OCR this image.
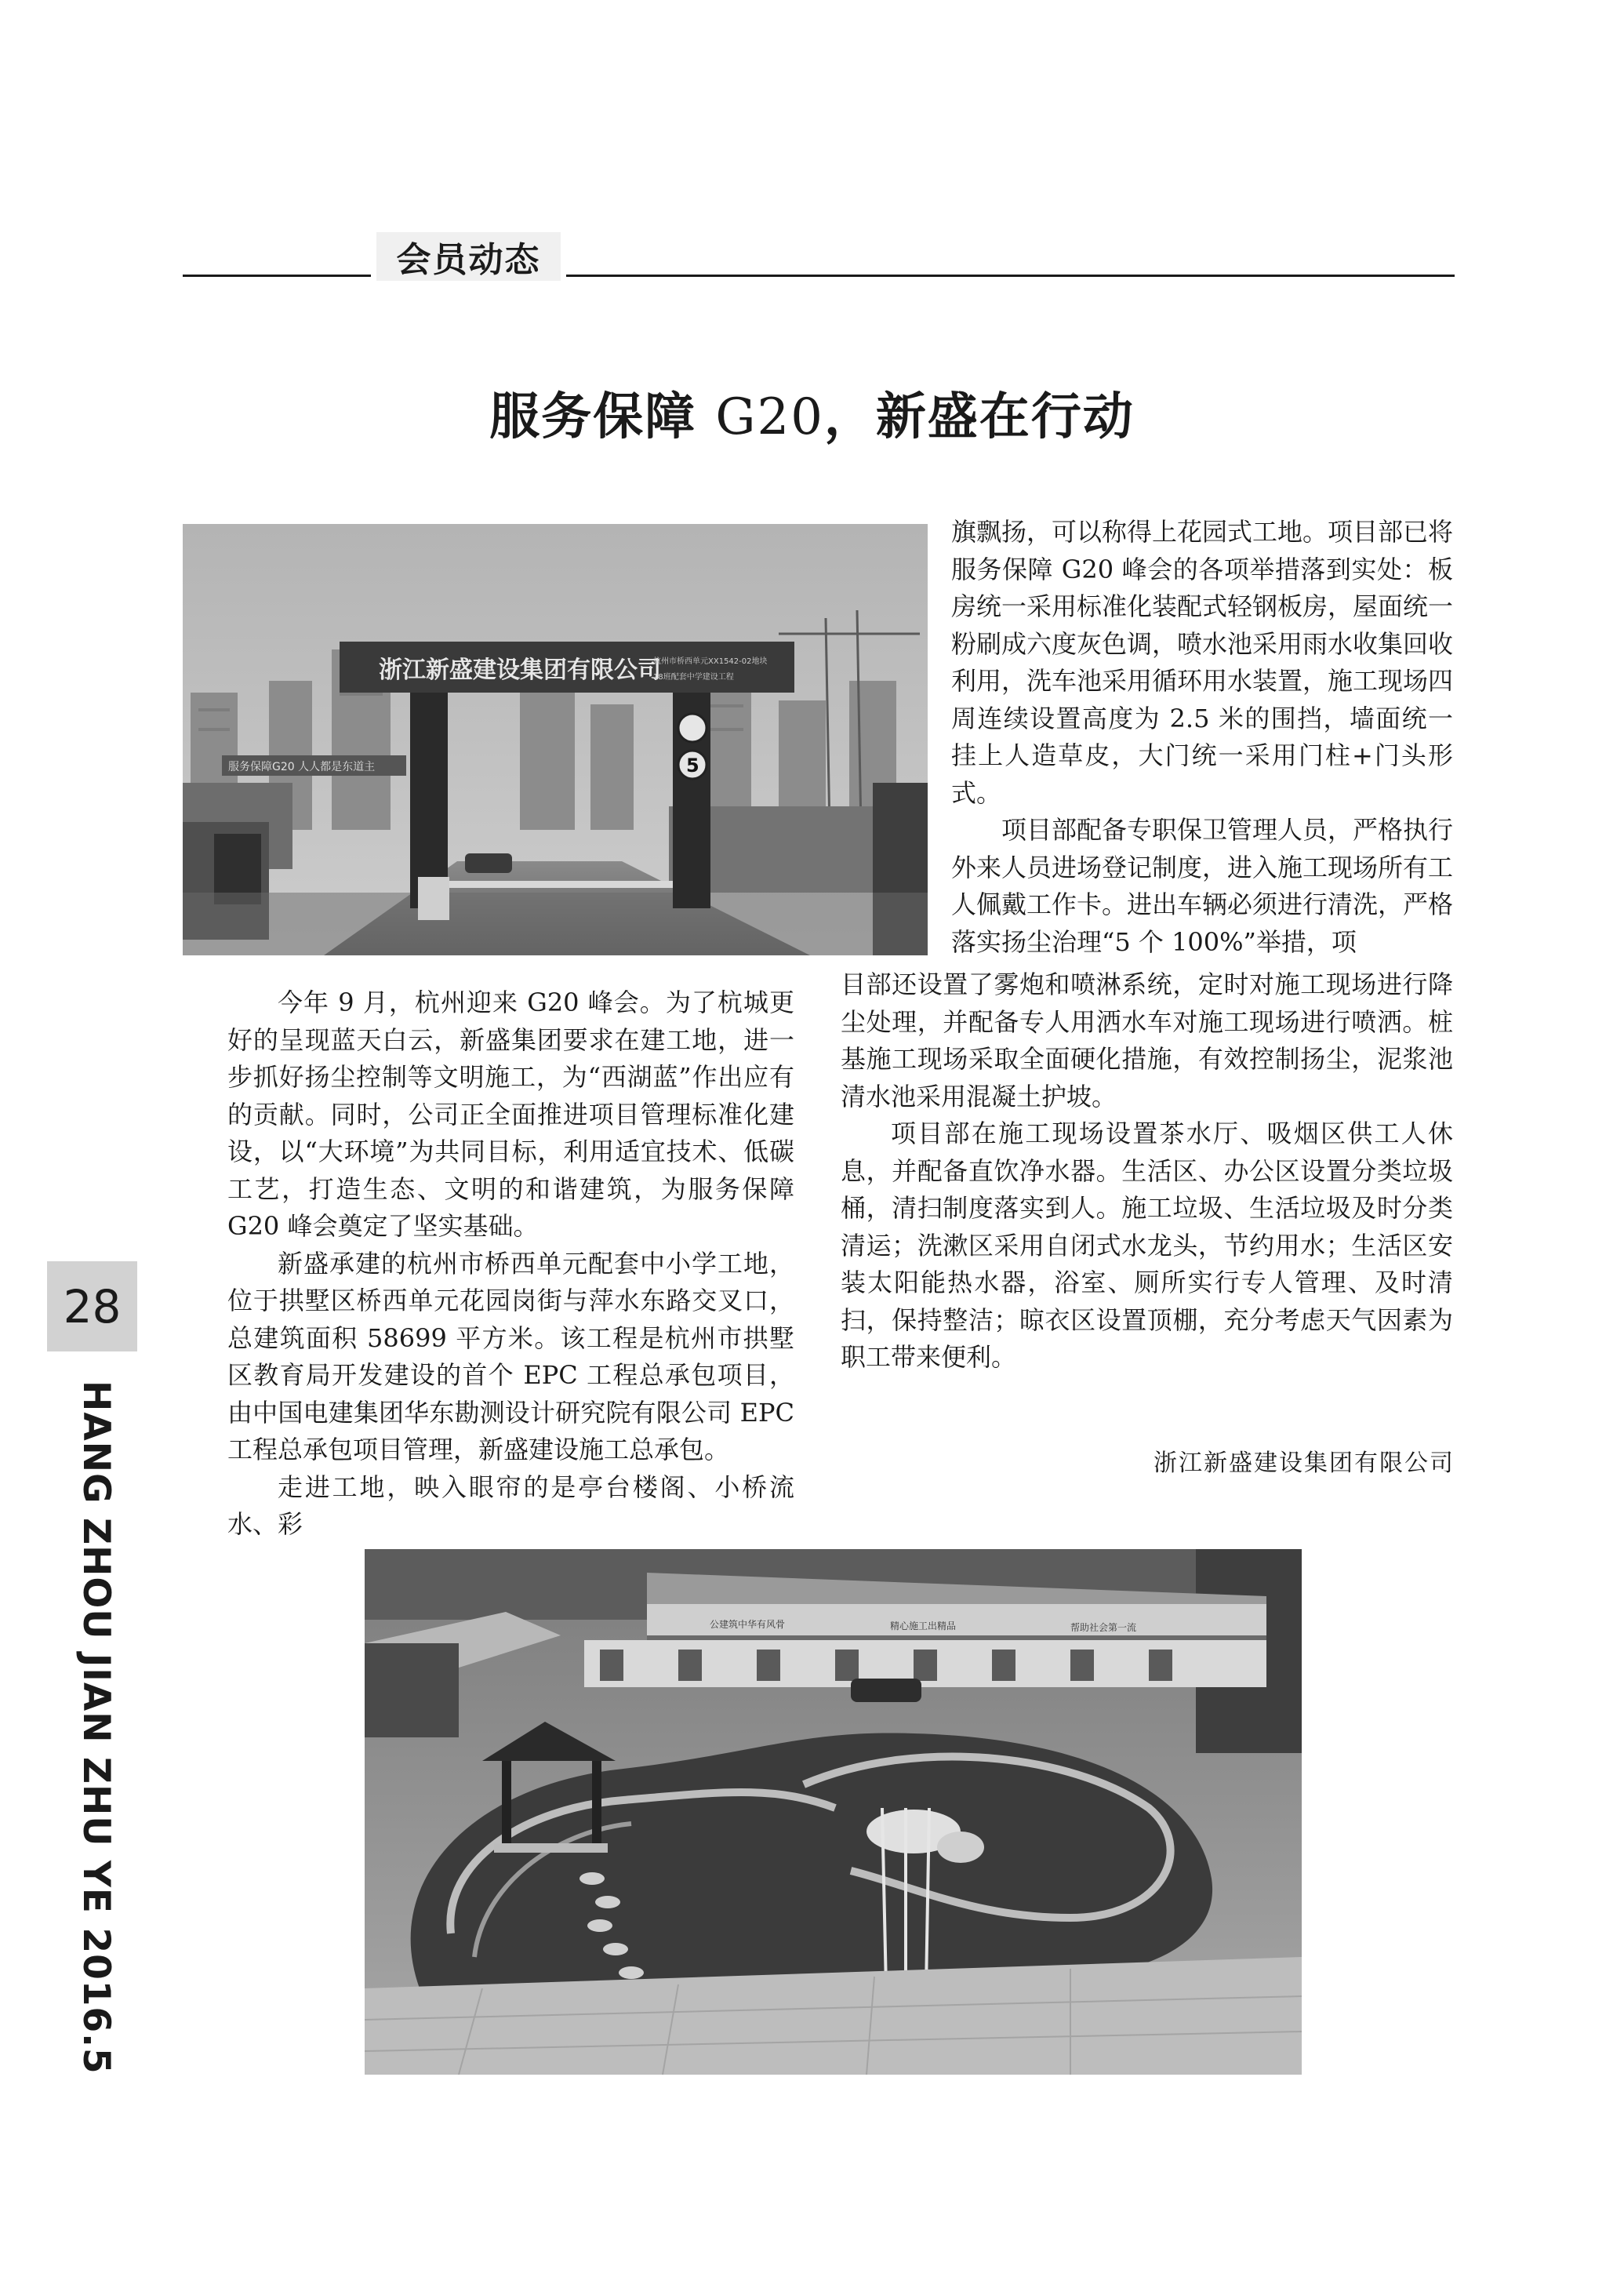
会员动态
服务保障 G20，新盛在行动
浙江新盛建设集团有限公司
杭州市桥西单元XX1542-02地块
18班配套中学建设工程
服务保障G20 人人都是东道主	5

旗飘扬，可以称得上花园式工地。项目部已将服务保障 G20 峰会的各项举措落到实处：板房统一采用标准化装配式轻钢板房，屋面统一粉刷成六度灰色调，喷水池采用雨水收集回收利用，洗车池采用循环用水装置，施工现场四周连续设置高度为 2.5 米的围挡，墙面统一挂上人造草皮，大门统一采用门柱+门头形式。

项目部配备专职保卫管理人员，严格执行外来人员进场登记制度，进入施工现场所有工人佩戴工作卡。进出车辆必须进行清洗，严格落实扬尘治理“5 个 100%”举措，项

今年 9 月，杭州迎来 G20 峰会。为了杭城更好的呈现蓝天白云，新盛集团要求在建工地，进一步抓好扬尘控制等文明施工，为“西湖蓝”作出应有的贡献。同时，公司正全面推进项目管理标准化建设，以“大环境”为共同目标，利用适宜技术、低碳工艺，打造生态、文明的和谐建筑，为服务保障 G20 峰会奠定了坚实基础。

新盛承建的杭州市桥西单元配套中小学工地，位于拱墅区桥西单元花园岗街与萍水东路交叉口，总建筑面积 58699 平方米。该工程是杭州市拱墅区教育局开发建设的首个 EPC 工程总承包项目，由中国电建集团华东勘测设计研究院有限公司 EPC 工程总承包项目管理，新盛建设施工总承包。

走进工地，映入眼帘的是亭台楼阁、小桥流水、彩

目部还设置了雾炮和喷淋系统，定时对施工现场进行降尘处理，并配备专人用洒水车对施工现场进行喷洒。桩基施工现场采取全面硬化措施，有效控制扬尘，泥浆池清水池采用混凝土护坡。

项目部在施工现场设置茶水厅、吸烟区供工人休息，并配备直饮净水器。生活区、办公区设置分类垃圾桶，清扫制度落实到人。施工垃圾、生活垃圾及时分类清运；洗漱区采用自闭式水龙头，节约用水；生活区安装太阳能热水器，浴室、厕所实行专人管理、及时清扫，保持整洁；晾衣区设置顶棚，充分考虑天气因素为职工带来便利。

浙江新盛建设集团有限公司
公建筑中华有风骨	精心施工出精品	帮助社会第一流
28
HANG ZHOU JIAN ZHU YE 2016.5
